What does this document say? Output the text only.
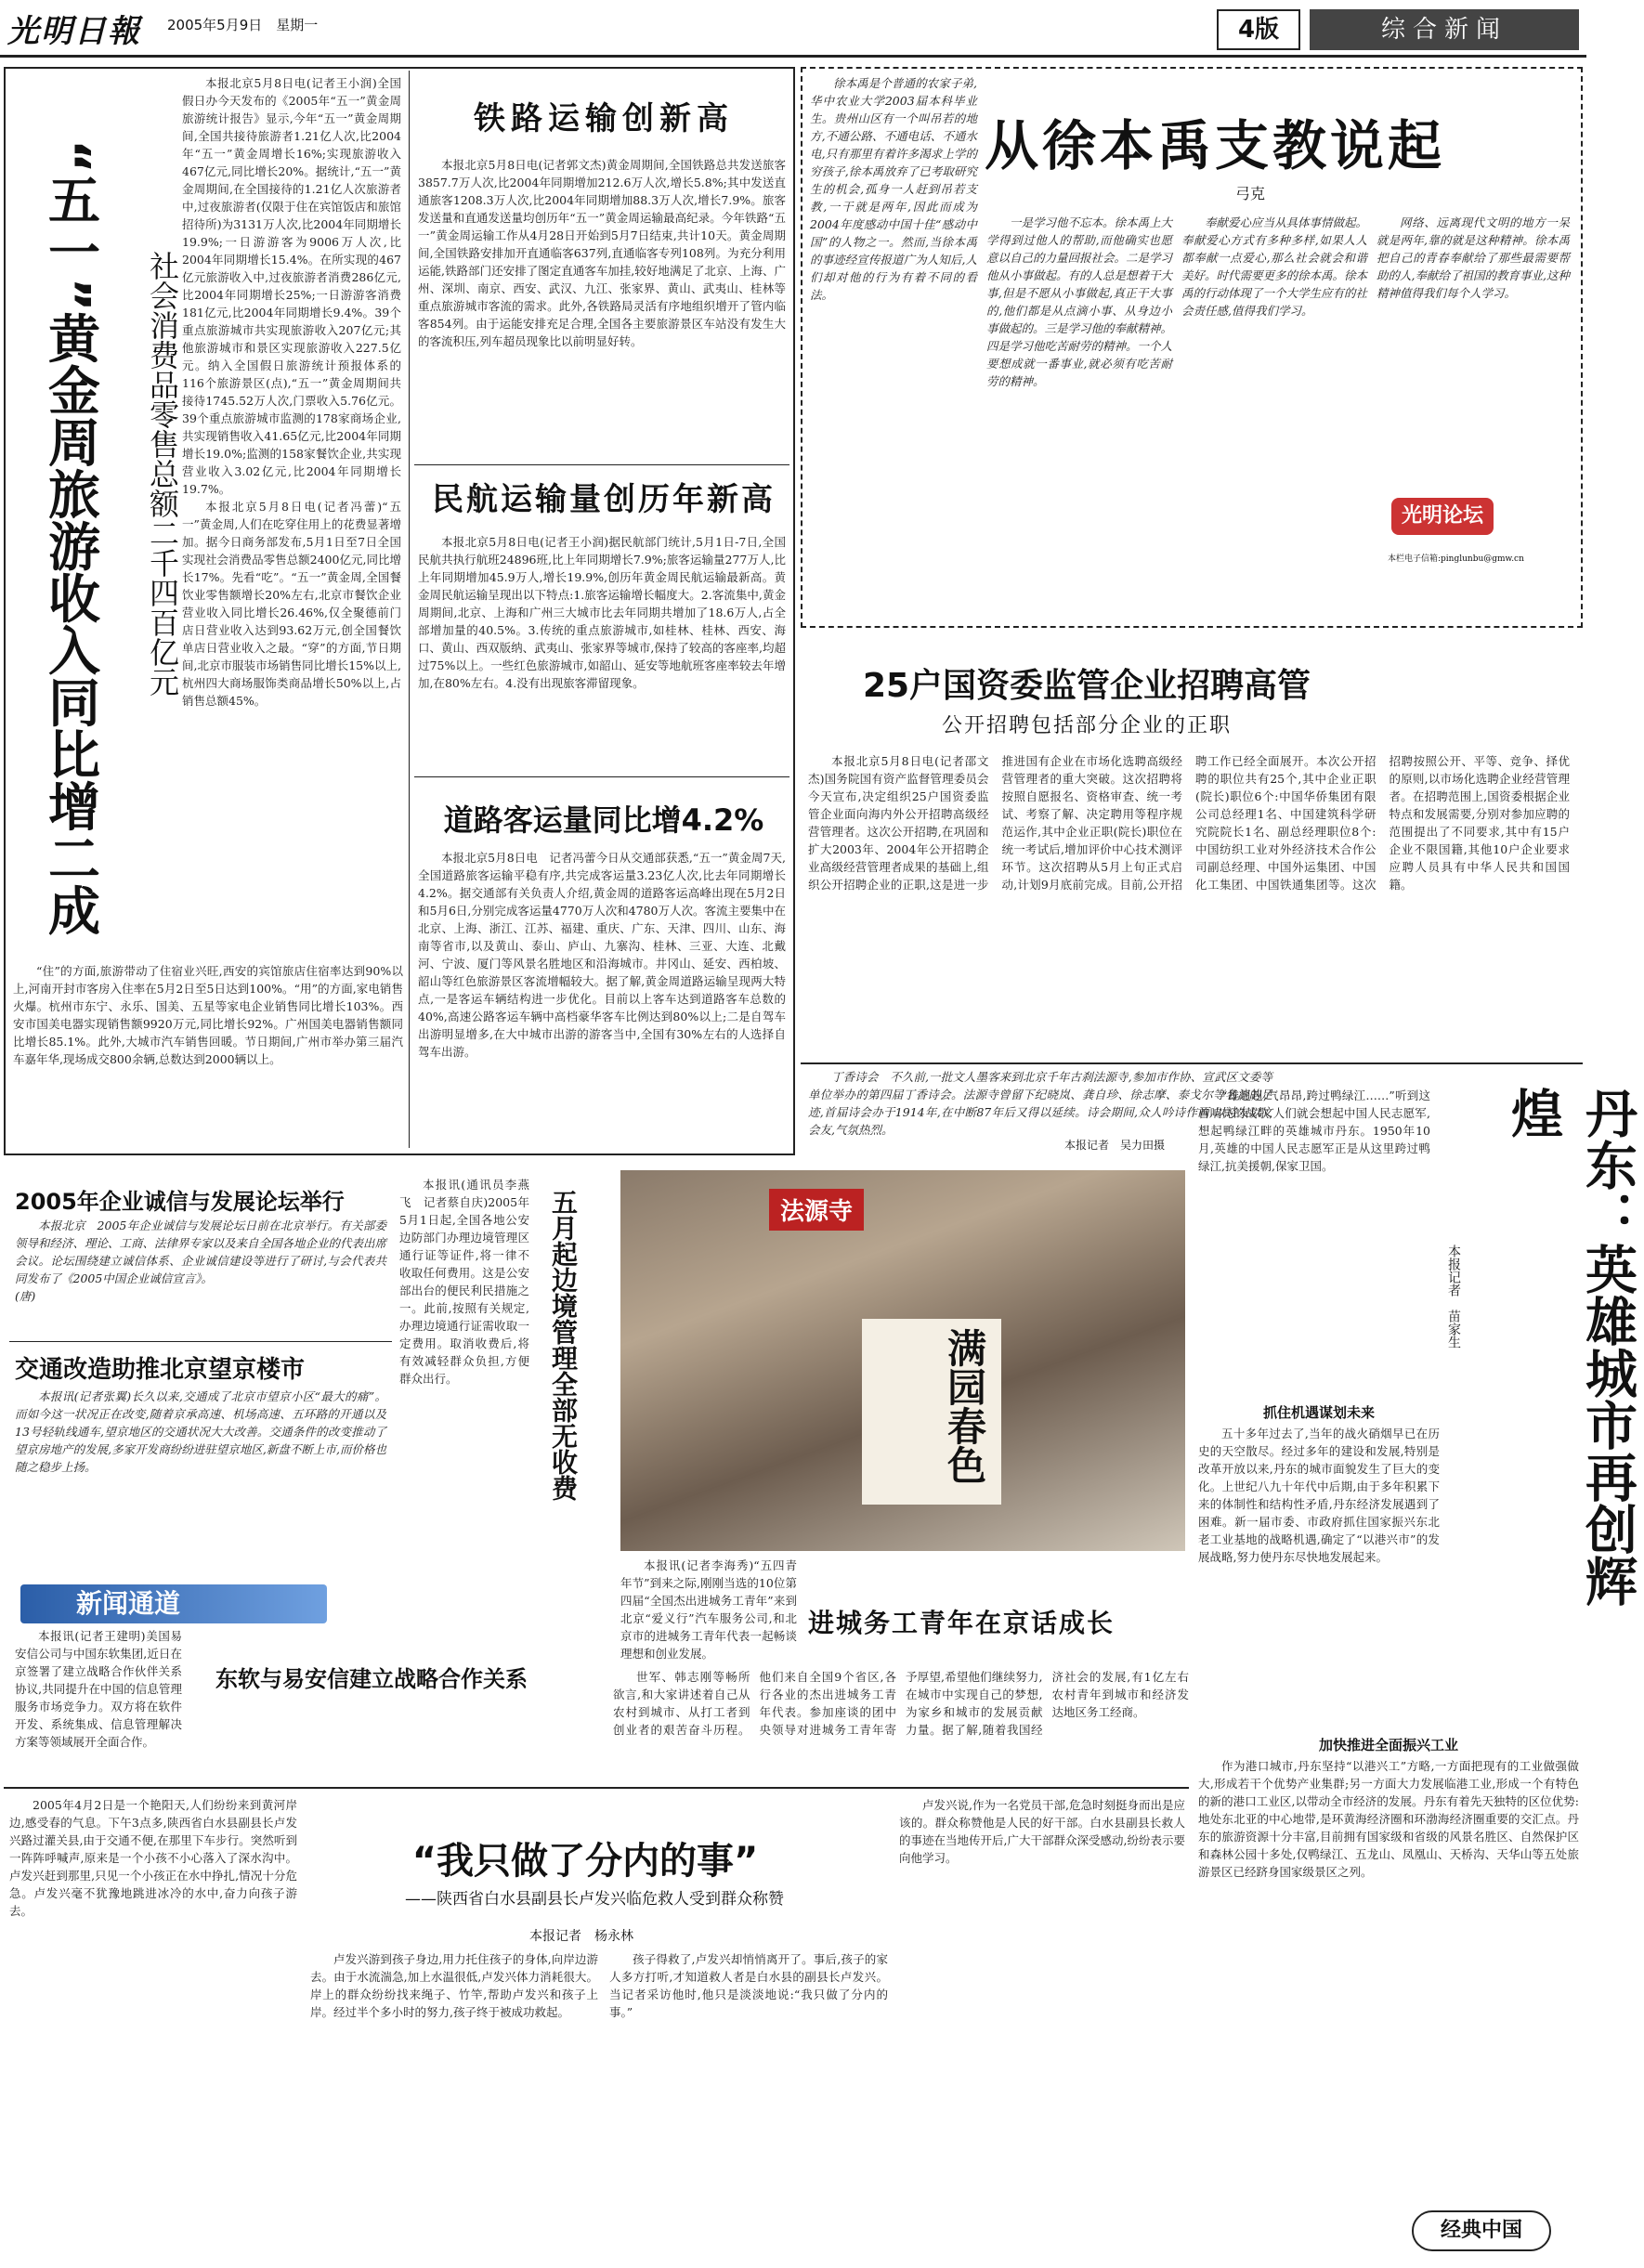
光明日報 2005年5月9日　星期一	4版	综合新闻
“五一”黄金周旅游收入同比增二成 社会消费品零售总额二千四百亿元

本报北京5月8日电(记者王小润)全国假日办今天发布的《2005年“五一”黄金周旅游统计报告》显示,今年“五一”黄金周期间,全国共接待旅游者1.21亿人次,比2004年“五一”黄金周增长16%;实现旅游收入467亿元,同比增长20%。据统计,“五一”黄金周期间,在全国接待的1.21亿人次旅游者中,过夜旅游者(仅限于住在宾馆饭店和旅馆招待所)为3131万人次,比2004年同期增长19.9%;一日游游客为9006万人次,比2004年同期增长15.4%。在所实现的467亿元旅游收入中,过夜旅游者消费286亿元,比2004年同期增长25%;一日游游客消费181亿元,比2004年同期增长9.4%。39个重点旅游城市共实现旅游收入207亿元;其他旅游城市和景区实现旅游收入227.5亿元。纳入全国假日旅游统计预报体系的116个旅游景区(点),“五一”黄金周期间共接待1745.52万人次,门票收入5.76亿元。39个重点旅游城市监测的178家商场企业,共实现销售收入41.65亿元,比2004年同期增长19.0%;监测的158家餐饮企业,共实现营业收入3.02亿元,比2004年同期增长19.7%。

本报北京5月8日电(记者冯蕾)“五一”黄金周,人们在吃穿住用上的花费显著增加。据今日商务部发布,5月1日至7日全国实现社会消费品零售总额2400亿元,同比增长17%。先看“吃”。“五一”黄金周,全国餐饮业零售额增长20%左右,北京市餐饮企业营业收入同比增长26.46%,仅全聚德前门店日营业收入达到93.62万元,创全国餐饮单店日营业收入之最。“穿”的方面,节日期间,北京市服装市场销售同比增长15%以上,杭州四大商场服饰类商品增长50%以上,占销售总额45%。

“住”的方面,旅游带动了住宿业兴旺,西安的宾馆旅店住宿率达到90%以上,河南开封市客房入住率在5月2日至5日达到100%。“用”的方面,家电销售火爆。杭州市东宁、永乐、国美、五星等家电企业销售同比增长103%。西安市国美电器实现销售额9920万元,同比增长92%。广州国美电器销售额同比增长85.1%。此外,大城市汽车销售回暖。节日期间,广州市举办第三届汽车嘉年华,现场成交800余辆,总数达到2000辆以上。

铁路运输创新高

本报北京5月8日电(记者郭文杰)黄金周期间,全国铁路总共发送旅客3857.7万人次,比2004年同期增加212.6万人次,增长5.8%;其中发送直通旅客1208.3万人次,比2004年同期增加88.3万人次,增长7.9%。旅客发送量和直通发送量均创历年“五一”黄金周运输最高纪录。今年铁路“五一”黄金周运输工作从4月28日开始到5月7日结束,共计10天。黄金周期间,全国铁路安排加开直通临客637列,直通临客专列108列。为充分利用运能,铁路部门还安排了图定直通客车加挂,较好地满足了北京、上海、广州、深圳、南京、西安、武汉、九江、张家界、黄山、武夷山、桂林等重点旅游城市客流的需求。此外,各铁路局灵活有序地组织增开了管内临客854列。由于运能安排充足合理,全国各主要旅游景区车站没有发生大的客流积压,列车超员现象比以前明显好转。

民航运输量创历年新高

本报北京5月8日电(记者王小润)据民航部门统计,5月1日-7日,全国民航共执行航班24896班,比上年同期增长7.9%;旅客运输量277万人,比上年同期增加45.9万人,增长19.9%,创历年黄金周民航运输最新高。黄金周民航运输呈现出以下特点:1.旅客运输增长幅度大。2.客流集中,黄金周期间,北京、上海和广州三大城市比去年同期共增加了18.6万人,占全部增加量的40.5%。3.传统的重点旅游城市,如桂林、桂林、西安、海口、黄山、西双版纳、武夷山、张家界等城市,保持了较高的客座率,均超过75%以上。一些红色旅游城市,如韶山、延安等地航班客座率较去年增加,在80%左右。4.没有出现旅客滞留现象。

道路客运量同比增4.2%

本报北京5月8日电　记者冯蕾今日从交通部获悉,“五一”黄金周7天,全国道路旅客运输平稳有序,共完成客运量3.23亿人次,比去年同期增长4.2%。据交通部有关负责人介绍,黄金周的道路客运高峰出现在5月2日和5月6日,分别完成客运量4770万人次和4780万人次。客流主要集中在北京、上海、浙江、江苏、福建、重庆、广东、天津、四川、山东、海南等省市,以及黄山、泰山、庐山、九寨沟、桂林、三亚、大连、北戴河、宁波、厦门等风景名胜地区和沿海城市。井冈山、延安、西柏坡、韶山等红色旅游景区客流增幅较大。据了解,黄金周道路运输呈现两大特点,一是客运车辆结构进一步优化。目前以上客车达到道路客车总数的40%,高速公路客运车辆中高档豪华客车比例达到80%以上;二是自驾车出游明显增多,在大中城市出游的游客当中,全国有30%左右的人选择自驾车出游。

徐本禹是个普通的农家子弟,华中农业大学2003届本科毕业生。贵州山区有一个叫吊若的地方,不通公路、不通电话、不通水电,只有那里有着许多渴求上学的穷孩子,徐本禹放弃了已考取研究生的机会,孤身一人赶到吊若支教,一干就是两年,因此而成为2004年度感动中国十佳“感动中国”的人物之一。然而,当徐本禹的事迹经宣传报道广为人知后,人们却对他的行为有着不同的看法。

从徐本禹支教说起
弓克

一是学习他不忘本。徐本禹上大学得到过他人的帮助,而他确实也愿意以自己的力量回报社会。二是学习他从小事做起。有的人总是想着干大事,但是不愿从小事做起,真正干大事的,他们都是从点滴小事、从身边小事做起的。三是学习他的奉献精神。四是学习他吃苦耐劳的精神。一个人要想成就一番事业,就必须有吃苦耐劳的精神。

奉献爱心应当从具体事情做起。奉献爱心方式有多种多样,如果人人都奉献一点爱心,那么社会就会和谐美好。时代需要更多的徐本禹。徐本禹的行动体现了一个大学生应有的社会责任感,值得我们学习。

网络、远离现代文明的地方一呆就是两年,靠的就是这种精神。徐本禹把自己的青春奉献给了那些最需要帮助的人,奉献给了祖国的教育事业,这种精神值得我们每个人学习。

光明论坛
本栏电子信箱:pinglunbu@gmw.cn
25户国资委监管企业招聘高管
公开招聘包括部分企业的正职

本报北京5月8日电(记者邵文杰)国务院国有资产监督管理委员会今天宣布,决定组织25户国资委监管企业面向海内外公开招聘高级经营管理者。这次公开招聘,在巩固和扩大2003年、2004年公开招聘企业高级经营管理者成果的基础上,组织公开招聘企业的正职,这是进一步推进国有企业在市场化选聘高级经营管理者的重大突破。这次招聘将按照自愿报名、资格审查、统一考试、考察了解、决定聘用等程序规范运作,其中企业正职(院长)职位在统一考试后,增加评价中心技术测评环节。这次招聘从5月上旬正式启动,计划9月底前完成。目前,公开招聘工作已经全面展开。本次公开招聘的职位共有25个,其中企业正职(院长)职位6个:中国华侨集团有限公司总经理1名、中国建筑科学研究院院长1名、副总经理职位8个:中国纺织工业对外经济技术合作公司副总经理、中国外运集团、中国化工集团、中国铁通集团等。这次招聘按照公开、平等、竞争、择优的原则,以市场化选聘企业经营管理者。在招聘范围上,国资委根据企业特点和发展需要,分别对参加应聘的范围提出了不同要求,其中有15户企业不限国籍,其他10户企业要求应聘人员具有中华人民共和国国籍。

丁香诗会　不久前,一批文人墨客来到北京千年古刹法源寺,参加市作协、宣武区文委等单位举办的第四届丁香诗会。法源寺曾留下纪晓岚、龚自珍、徐志摩、泰戈尔等名流的足迹,首届诗会办于1914年,在中断87年后又得以延续。诗会期间,众人吟诗作画,以诗友以文会友,气氛热烈。

本报记者　吴力田摄
法源寺
满园春色	丹东：英雄城市再创辉煌
本报记者　苗家生

“雄赳赳,气昂昂,跨过鸭绿江……”听到这首响亮的战歌,人们就会想起中国人民志愿军,想起鸭绿江畔的英雄城市丹东。1950年10月,英雄的中国人民志愿军正是从这里跨过鸭绿江,抗美援朝,保家卫国。

抓住机遇谋划未来

五十多年过去了,当年的战火硝烟早已在历史的天空散尽。经过多年的建设和发展,特别是改革开放以来,丹东的城市面貌发生了巨大的变化。上世纪八九十年代中后期,由于多年积累下来的体制性和结构性矛盾,丹东经济发展遇到了困难。新一届市委、市政府抓住国家振兴东北老工业基地的战略机遇,确定了“以港兴市”的发展战略,努力使丹东尽快地发展起来。

加快推进全面振兴工业

作为港口城市,丹东坚持“以港兴工”方略,一方面把现有的工业做强做大,形成若干个优势产业集群;另一方面大力发展临港工业,形成一个有特色的新的港口工业区,以带动全市经济的发展。丹东有着先天独特的区位优势:地处东北亚的中心地带,是环黄海经济圈和环渤海经济圈重要的交汇点。丹东的旅游资源十分丰富,目前拥有国家级和省级的风景名胜区、自然保护区和森林公园十多处,仅鸭绿江、五龙山、凤凰山、天桥沟、天华山等五处旅游景区已经跻身国家级景区之列。

经典中国
2005年企业诚信与发展论坛举行

本报北京　2005年企业诚信与发展论坛日前在北京举行。有关部委领导和经济、理论、工商、法律界专家以及来自全国各地企业的代表出席会议。论坛围绕建立诚信体系、企业诚信建设等进行了研讨,与会代表共同发布了《2005中国企业诚信宣言》。

(唐)
交通改造助推北京望京楼市

本报讯(记者张翼)长久以来,交通成了北京市望京小区“最大的痛”。而如今这一状况正在改变,随着京承高速、机场高速、五环路的开通以及13号轻轨线通车,望京地区的交通状况大大改善。交通条件的改变推动了望京房地产的发展,多家开发商纷纷进驻望京地区,新盘不断上市,而价格也随之稳步上扬。

新闻通道

本报讯(记者王建明)美国易安信公司与中国东软集团,近日在京签署了建立战略合作伙伴关系协议,共同提升在中国的信息管理服务市场竞争力。双方将在软件开发、系统集成、信息管理解决方案等领域展开全面合作。

东软与易安信建立战略合作关系

本报讯(通讯员李燕飞　记者蔡自庆)2005年5月1日起,全国各地公安边防部门办理边境管理区通行证等证件,将一律不收取任何费用。这是公安部出台的便民利民措施之一。此前,按照有关规定,办理边境通行证需收取一定费用。取消收费后,将有效减轻群众负担,方便群众出行。	五月起边境管理全部无收费

本报讯(记者李海秀)“五四青年节”到来之际,刚刚当选的10位第四届“全国杰出进城务工青年”来到北京“爱义行”汽车服务公司,和北京市的进城务工青年代表一起畅谈理想和创业发展。

进城务工青年在京话成长

世军、韩志刚等畅所欲言,和大家讲述着自己从农村到城市、从打工者到创业者的艰苦奋斗历程。他们来自全国9个省区,各行各业的杰出进城务工青年代表。参加座谈的团中央领导对进城务工青年寄予厚望,希望他们继续努力,在城市中实现自己的梦想,为家乡和城市的发展贡献力量。据了解,随着我国经济社会的发展,有1亿左右农村青年到城市和经济发达地区务工经商。

“我只做了分内的事”
——陕西省白水县副县长卢发兴临危救人受到群众称赞
本报记者　杨永林

2005年4月2日是一个艳阳天,人们纷纷来到黄河岸边,感受春的气息。下午3点多,陕西省白水县副县长卢发兴路过灌关县,由于交通不便,在那里下车步行。突然听到一阵阵呼喊声,原来是一个小孩不小心落入了深水沟中。卢发兴赶到那里,只见一个小孩正在水中挣扎,情况十分危急。卢发兴毫不犹豫地跳进冰冷的水中,奋力向孩子游去。

卢发兴游到孩子身边,用力托住孩子的身体,向岸边游去。由于水流湍急,加上水温很低,卢发兴体力消耗很大。岸上的群众纷纷找来绳子、竹竿,帮助卢发兴和孩子上岸。经过半个多小时的努力,孩子终于被成功救起。

孩子得救了,卢发兴却悄悄离开了。事后,孩子的家人多方打听,才知道救人者是白水县的副县长卢发兴。当记者采访他时,他只是淡淡地说:“我只做了分内的事。”

卢发兴说,作为一名党员干部,危急时刻挺身而出是应该的。群众称赞他是人民的好干部。白水县副县长救人的事迹在当地传开后,广大干部群众深受感动,纷纷表示要向他学习。
